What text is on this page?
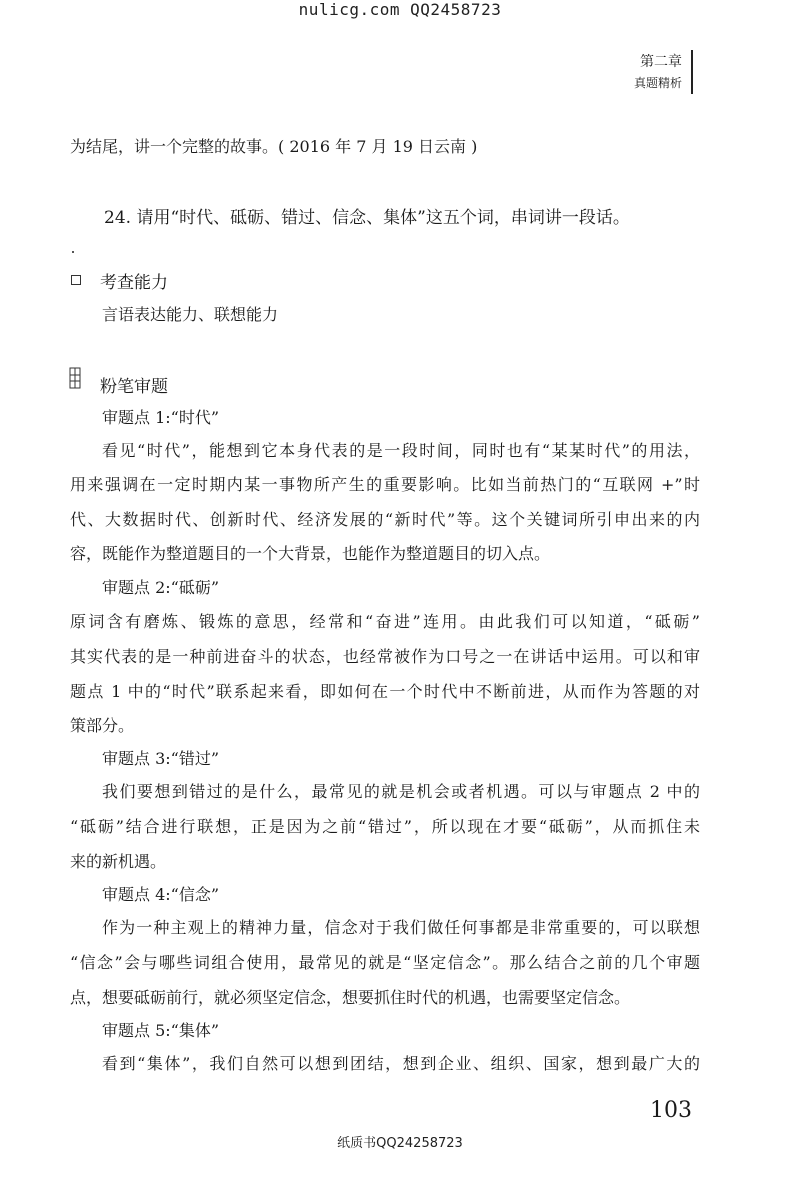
nulicg.com QQ2458723
第二章
真题精析
为结尾，讲一个完整的故事。( 2016 年 7 月 19 日云南 )
24. 请用“时代、砥砺、错过、信念、集体”这五个词，串词讲一段话。
考查能力
言语表达能力、联想能力
粉笔审题
审题点 1:“时代”
看见“时代”，能想到它本身代表的是一段时间，同时也有“某某时代”的用法，
用来强调在一定时期内某一事物所产生的重要影响。比如当前热门的“互联网 +”时
代、大数据时代、创新时代、经济发展的“新时代”等。这个关键词所引申出来的内
容，既能作为整道题目的一个大背景，也能作为整道题目的切入点。
审题点 2:“砥砺”
原词含有磨炼、锻炼的意思，经常和“奋进”连用。由此我们可以知道，“砥砺”
其实代表的是一种前进奋斗的状态，也经常被作为口号之一在讲话中运用。可以和审
题点 1 中的“时代”联系起来看，即如何在一个时代中不断前进，从而作为答题的对
策部分。
审题点 3:“错过”
我们要想到错过的是什么，最常见的就是机会或者机遇。可以与审题点 2 中的
“砥砺”结合进行联想，正是因为之前“错过”，所以现在才要“砥砺”，从而抓住未
来的新机遇。
审题点 4:“信念”
作为一种主观上的精神力量，信念对于我们做任何事都是非常重要的，可以联想
“信念”会与哪些词组合使用，最常见的就是“坚定信念”。那么结合之前的几个审题
点，想要砥砺前行，就必须坚定信念，想要抓住时代的机遇，也需要坚定信念。
审题点 5:“集体”
看到“集体”，我们自然可以想到团结，想到企业、组织、国家，想到最广大的
103
纸质书QQ24258723
